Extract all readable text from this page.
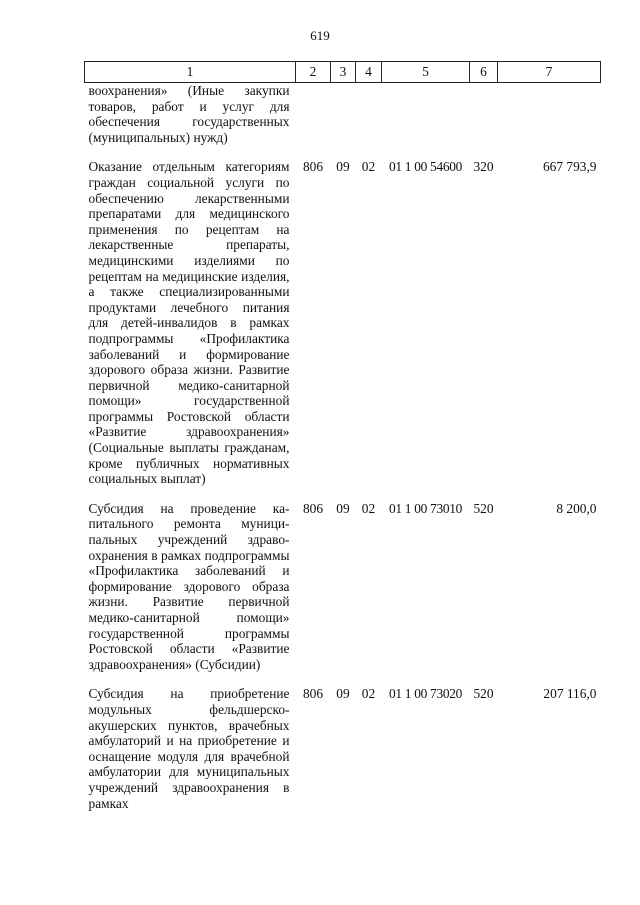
619
1	2	3	4	5	6	7
воохранения» (Иные закупки товаров, работ и услуг для обеспечения государственных (муниципальных) нужд)						
Оказание отдельным категориям граждан социальной услуги по обеспечению лекарственными препаратами для медицинского применения по рецептам на лекарственные препараты, медицинскими изделиями по рецептам на медицинские изделия, а также специализированными продуктами лечебного питания для детей-инвалидов в рамках подпрограммы «Профилактика заболеваний и формирование здорового образа жизни. Развитие первичной медико-санитарной помощи» государственной программы Ростовской области «Развитие здравоохранения» (Социальные выплаты гражданам, кроме публичных нормативных социальных выплат)	806	09	02	01 1 00 54600	320	667 793,9
Субсидия на проведение капитального ремонта муниципальных учреждений здравоохранения в рамках подпрограммы «Профилактика заболеваний и формирование здорового образа жизни. Развитие первичной медико-санитарной помощи» государственной программы Ростовской области «Развитие здравоохранения» (Субсидии)	806	09	02	01 1 00 73010	520	8 200,0
Субсидия на приобретение модульных фельдшерско-акушерских пунктов, врачебных амбулаторий и на приобретение и оснащение модуля для врачебной амбулатории для муниципальных учреждений здравоохранения в рамках	806	09	02	01 1 00 73020	520	207 116,0
